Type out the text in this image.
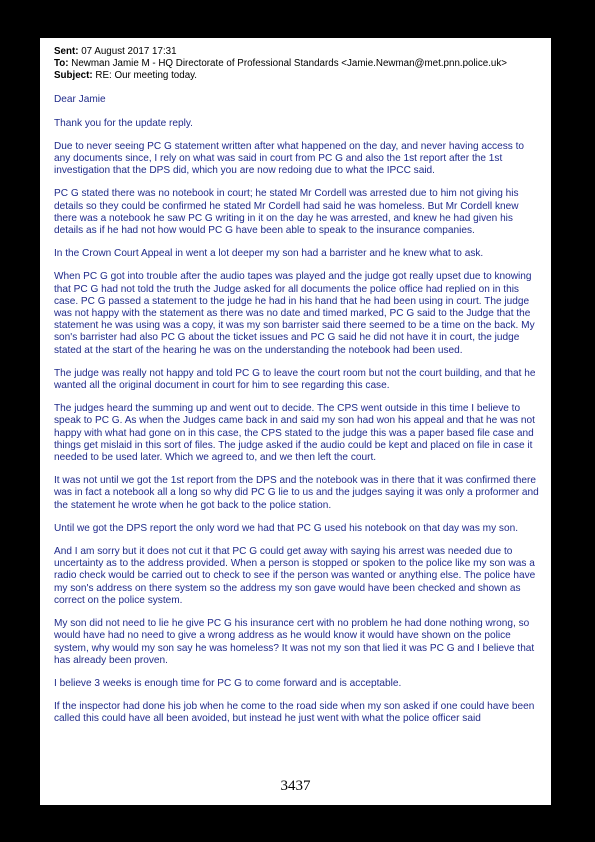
Sent: 07 August 2017 17:31
To: Newman Jamie M - HQ Directorate of Professional Standards <Jamie.Newman@met.pnn.police.uk>
Subject: RE: Our meeting today.

Dear Jamie

Thank you for the update reply.

Due to never seeing PC G statement written after what happened on the day, and never having access to any documents since, I rely on what was said in court from PC G and also the 1st report after the 1st investigation that the DPS did, which you are now redoing due to what the IPCC said.

PC G stated there was no notebook in court; he stated Mr Cordell was arrested due to him not giving his details so they could be confirmed he stated Mr Cordell had said he was homeless. But Mr Cordell knew there was a notebook he saw PC G writing in it on the day he was arrested, and knew he had given his details as if he had not how would PC G have been able to speak to the insurance companies.

In the Crown Court Appeal in went a lot deeper my son had a barrister and he knew what to ask.

When PC G got into trouble after the audio tapes was played and the judge got really upset due to knowing that PC G had not told the truth the Judge asked for all documents the police office had replied on in this case. PC G passed a statement to the judge he had in his hand that he had been using in court. The judge was not happy with the statement as there was no date and timed marked, PC G said to the Judge that the statement he was using was a copy, it was my son barrister said there seemed to be a time on the back. My son's barrister had also PC G about the ticket issues and PC G said he did not have it in court, the judge stated at the start of the hearing he was on the understanding the notebook had been used.

The judge was really not happy and told PC G to leave the court room but not the court building, and that he wanted all the original document in court for him to see regarding this case.

The judges heard the summing up and went out to decide. The CPS went outside in this time I believe to speak to PC G. As when the Judges came back in and said my son had won his appeal and that he was not happy with what had gone on in this case, the CPS stated to the judge this was a paper based file case and things get mislaid in this sort of files. The judge asked if the audio could be kept and placed on file in case it needed to be used later. Which we agreed to, and we then left the court.

It was not until we got the 1st report from the DPS and the notebook was in there that it was confirmed there was in fact a notebook all a long so why did PC G lie to us and the judges saying it was only a proformer and the statement he wrote when he got back to the police station.

Until we got the DPS report the only word we had that PC G used his notebook on that day was my son.

And I am sorry but it does not cut it that PC G could get away with saying his arrest was needed due to uncertainty as to the address provided. When a person is stopped or spoken to the police like my son was a radio check would be carried out to check to see if the person was wanted or anything else. The police have my son's address on there system so the address my son gave would have been checked and shown as correct on the police system.

My son did not need to lie he give PC G his insurance cert with no problem he had done nothing wrong, so would have had no need to give a wrong address as he would know it would have shown on the police system, why would my son say he was homeless? It was not my son that lied it was PC G and I believe that has already been proven.

I believe 3 weeks is enough time for PC G to come forward and is acceptable.

If the inspector had done his job when he come to the road side when my son asked if one could have been called this could have all been avoided, but instead he just went with what the police officer said

3437
